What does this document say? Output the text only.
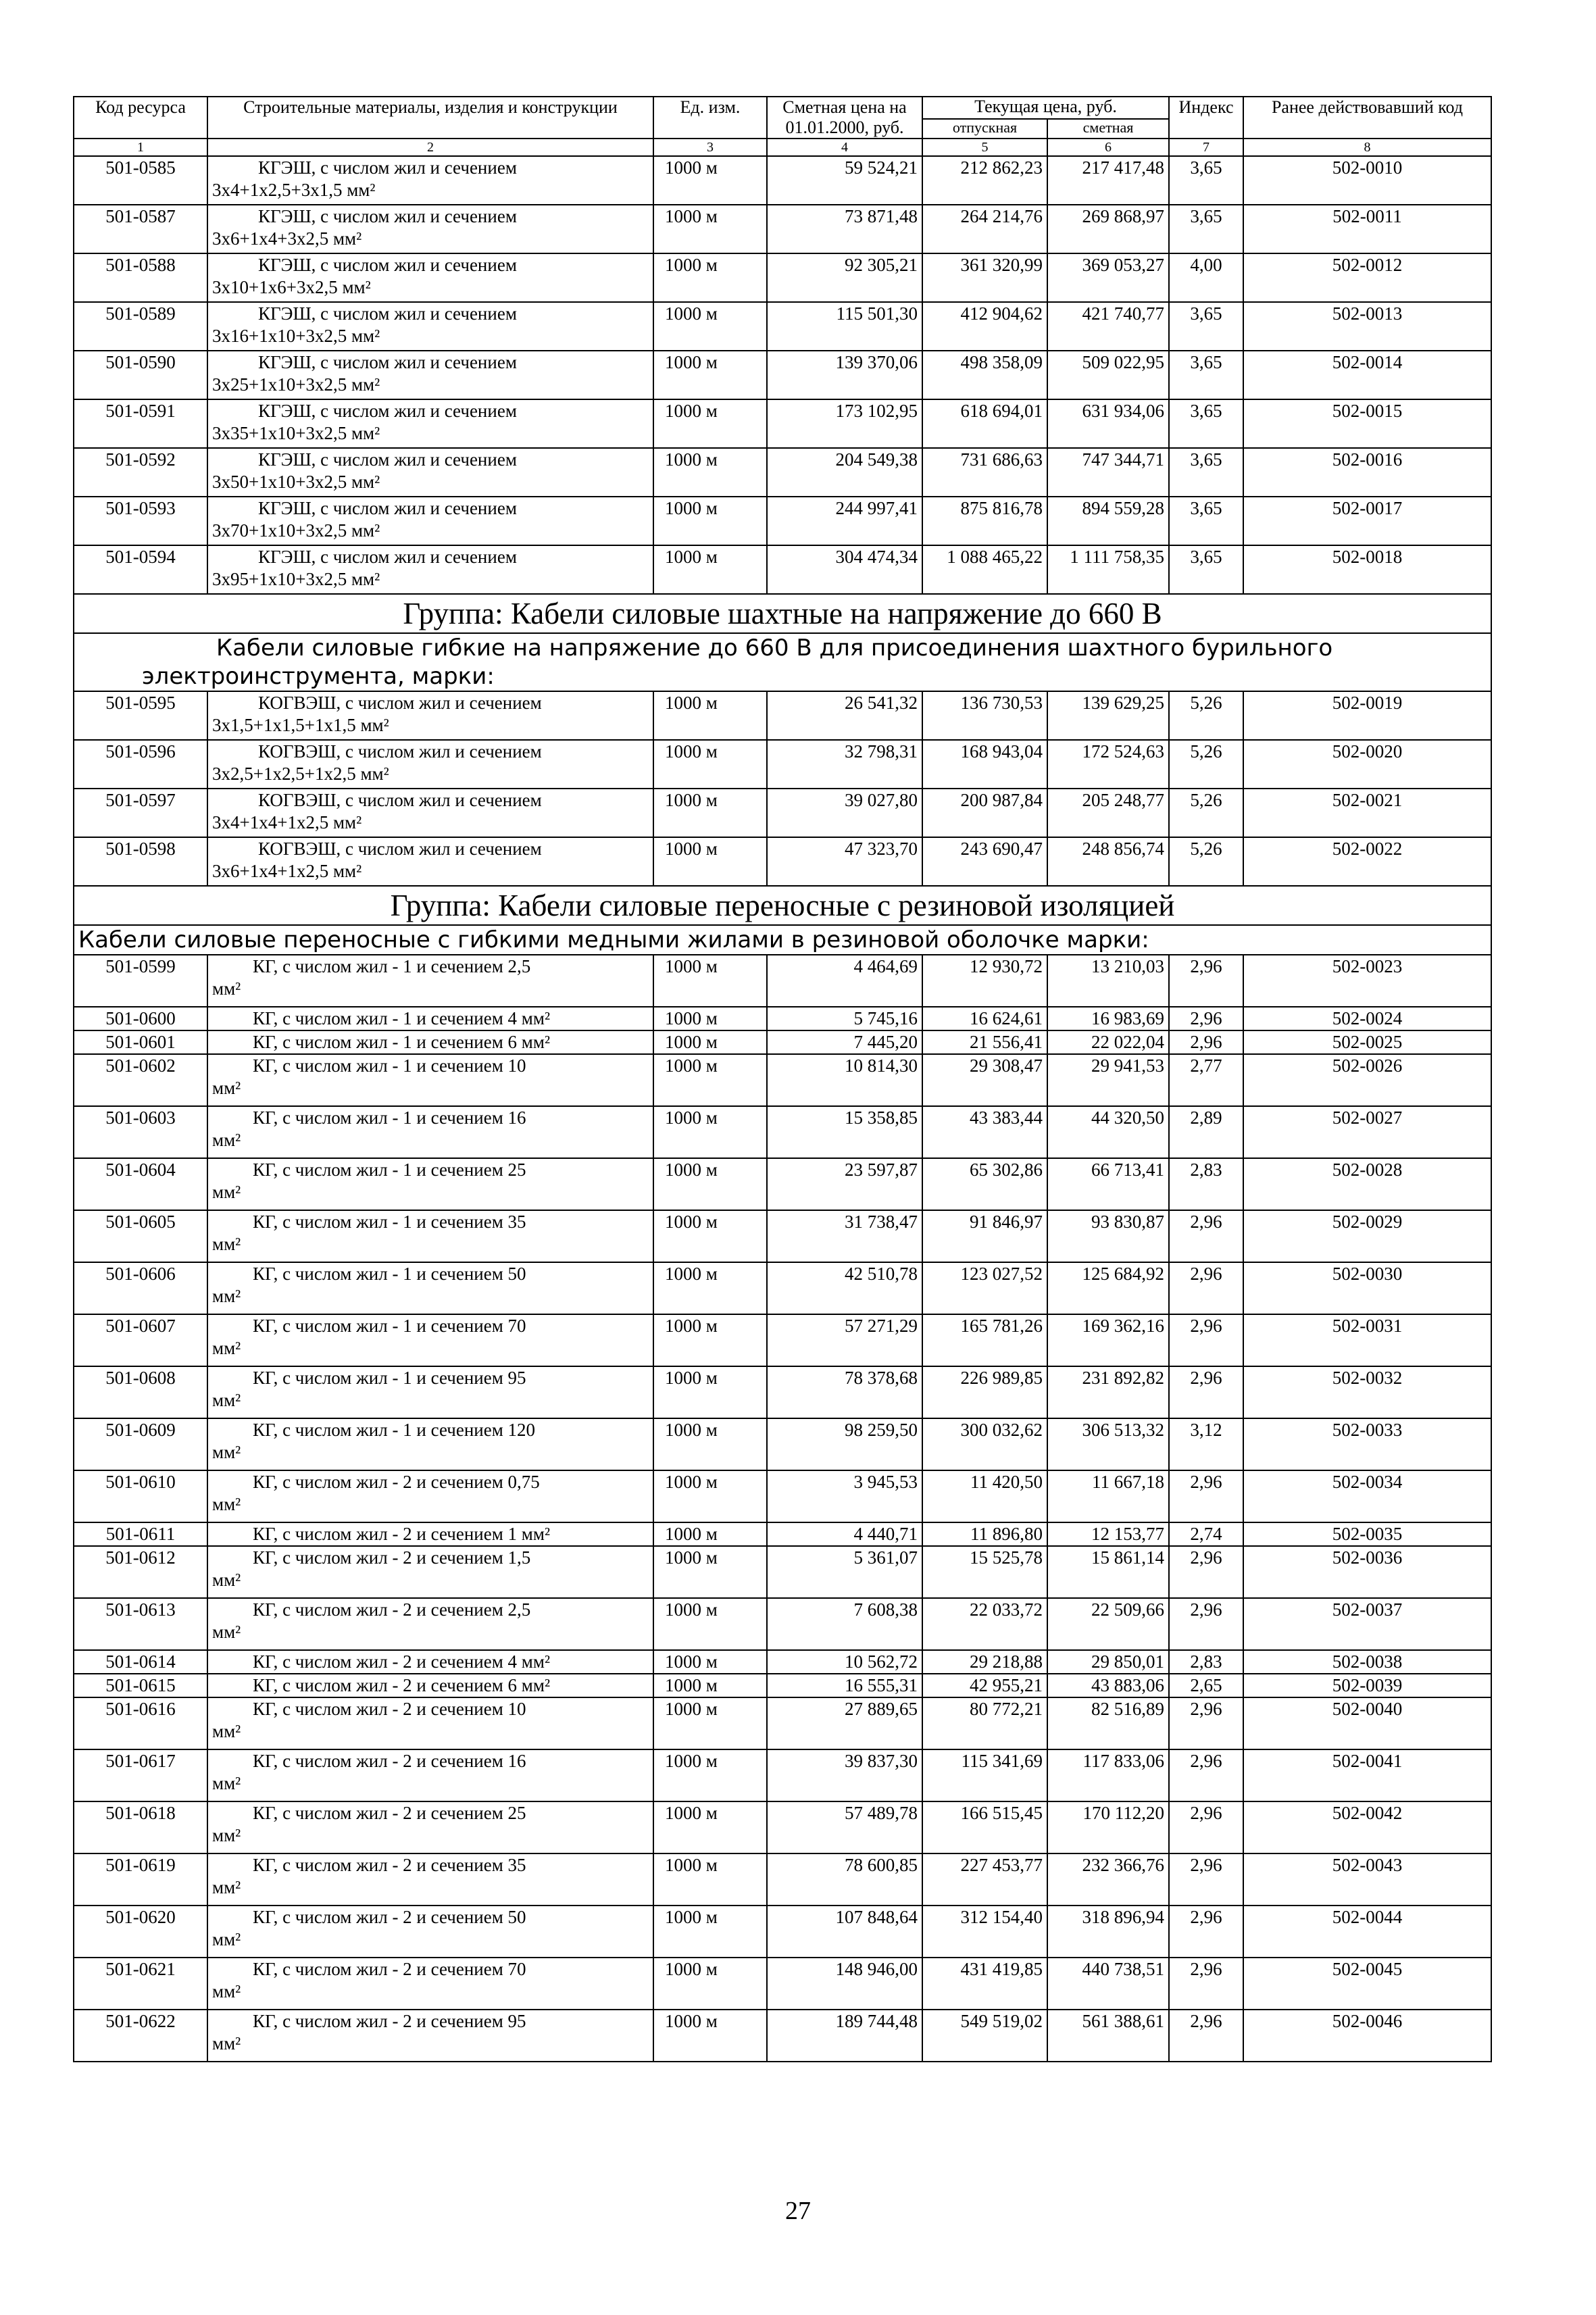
Код ресурса	Строительные материалы, изделия и конструкции	Ед. изм.	Сметная цена на 01.01.2000, руб.	Текущая цена, руб.		Индекс	Ранее действовавший код
				отпускная	сметная		
1	2	3	4	5	6	7	8
501-0585	КГЭШ, с числом жил и сечением
3х4+1х2,5+3х1,5 мм²	1000 м	59 524,21	212 862,23	217 417,48	3,65	502-0010
501-0587	КГЭШ, с числом жил и сечением
3х6+1х4+3х2,5 мм²	1000 м	73 871,48	264 214,76	269 868,97	3,65	502-0011
501-0588	КГЭШ, с числом жил и сечением
3х10+1х6+3х2,5 мм²	1000 м	92 305,21	361 320,99	369 053,27	4,00	502-0012
501-0589	КГЭШ, с числом жил и сечением
3х16+1х10+3х2,5 мм²	1000 м	115 501,30	412 904,62	421 740,77	3,65	502-0013
501-0590	КГЭШ, с числом жил и сечением
3х25+1х10+3х2,5 мм²	1000 м	139 370,06	498 358,09	509 022,95	3,65	502-0014
501-0591	КГЭШ, с числом жил и сечением
3х35+1х10+3х2,5 мм²	1000 м	173 102,95	618 694,01	631 934,06	3,65	502-0015
501-0592	КГЭШ, с числом жил и сечением
3х50+1х10+3х2,5 мм²	1000 м	204 549,38	731 686,63	747 344,71	3,65	502-0016
501-0593	КГЭШ, с числом жил и сечением
3х70+1х10+3х2,5 мм²	1000 м	244 997,41	875 816,78	894 559,28	3,65	502-0017
501-0594	КГЭШ, с числом жил и сечением
3х95+1х10+3х2,5 мм²	1000 м	304 474,34	1 088 465,22	1 111 758,35	3,65	502-0018
Группа: Кабели силовые шахтные на напряжение до 660 В							
Кабели силовые гибкие на напряжение до 660 В для присоединения шахтного бурильного
электроинструмента, марки:							

501-0595	КОГВЭШ, с числом жил и сечением
3х1,5+1х1,5+1х1,5 мм²	1000 м	26 541,32	136 730,53	139 629,25	5,26	502-0019
501-0596	КОГВЭШ, с числом жил и сечением
3х2,5+1х2,5+1х2,5 мм²	1000 м	32 798,31	168 943,04	172 524,63	5,26	502-0020
501-0597	КОГВЭШ, с числом жил и сечением
3х4+1х4+1х2,5 мм²	1000 м	39 027,80	200 987,84	205 248,77	5,26	502-0021
501-0598	КОГВЭШ, с числом жил и сечением
3х6+1х4+1х2,5 мм²	1000 м	47 323,70	243 690,47	248 856,74	5,26	502-0022
Группа: Кабели силовые переносные с резиновой изоляцией							
Кабели силовые переносные с гибкими медными жилами в резиновой оболочке марки:							
501-0599	КГ, с числом жил - 1 и сечением 2,5
мм²	1000 м	4 464,69	12 930,72	13 210,03	2,96	502-0023
501-0600	КГ, с числом жил - 1 и сечением 4 мм²	1000 м	5 745,16	16 624,61	16 983,69	2,96	502-0024
501-0601	КГ, с числом жил - 1 и сечением 6 мм²	1000 м	7 445,20	21 556,41	22 022,04	2,96	502-0025
501-0602	КГ, с числом жил - 1 и сечением 10
мм²	1000 м	10 814,30	29 308,47	29 941,53	2,77	502-0026
501-0603	КГ, с числом жил - 1 и сечением 16
мм²	1000 м	15 358,85	43 383,44	44 320,50	2,89	502-0027
501-0604	КГ, с числом жил - 1 и сечением 25
мм²	1000 м	23 597,87	65 302,86	66 713,41	2,83	502-0028
501-0605	КГ, с числом жил - 1 и сечением 35
мм²	1000 м	31 738,47	91 846,97	93 830,87	2,96	502-0029
501-0606	КГ, с числом жил - 1 и сечением 50
мм²	1000 м	42 510,78	123 027,52	125 684,92	2,96	502-0030
501-0607	КГ, с числом жил - 1 и сечением 70
мм²	1000 м	57 271,29	165 781,26	169 362,16	2,96	502-0031
501-0608	КГ, с числом жил - 1 и сечением 95
мм²	1000 м	78 378,68	226 989,85	231 892,82	2,96	502-0032
501-0609	КГ, с числом жил - 1 и сечением 120
мм²	1000 м	98 259,50	300 032,62	306 513,32	3,12	502-0033
501-0610	КГ, с числом жил - 2 и сечением 0,75
мм²	1000 м	3 945,53	11 420,50	11 667,18	2,96	502-0034
501-0611	КГ, с числом жил - 2 и сечением 1 мм²	1000 м	4 440,71	11 896,80	12 153,77	2,74	502-0035
501-0612	КГ, с числом жил - 2 и сечением 1,5
мм²	1000 м	5 361,07	15 525,78	15 861,14	2,96	502-0036
501-0613	КГ, с числом жил - 2 и сечением 2,5
мм²	1000 м	7 608,38	22 033,72	22 509,66	2,96	502-0037
501-0614	КГ, с числом жил - 2 и сечением 4 мм²	1000 м	10 562,72	29 218,88	29 850,01	2,83	502-0038
501-0615	КГ, с числом жил - 2 и сечением 6 мм²	1000 м	16 555,31	42 955,21	43 883,06	2,65	502-0039
501-0616	КГ, с числом жил - 2 и сечением 10
мм²	1000 м	27 889,65	80 772,21	82 516,89	2,96	502-0040
501-0617	КГ, с числом жил - 2 и сечением 16
мм²	1000 м	39 837,30	115 341,69	117 833,06	2,96	502-0041
501-0618	КГ, с числом жил - 2 и сечением 25
мм²	1000 м	57 489,78	166 515,45	170 112,20	2,96	502-0042
501-0619	КГ, с числом жил - 2 и сечением 35
мм²	1000 м	78 600,85	227 453,77	232 366,76	2,96	502-0043
501-0620	КГ, с числом жил - 2 и сечением 50
мм²	1000 м	107 848,64	312 154,40	318 896,94	2,96	502-0044
501-0621	КГ, с числом жил - 2 и сечением 70
мм²	1000 м	148 946,00	431 419,85	440 738,51	2,96	502-0045
501-0622	КГ, с числом жил - 2 и сечением 95
мм²	1000 м	189 744,48	549 519,02	561 388,61	2,96	502-0046
27
